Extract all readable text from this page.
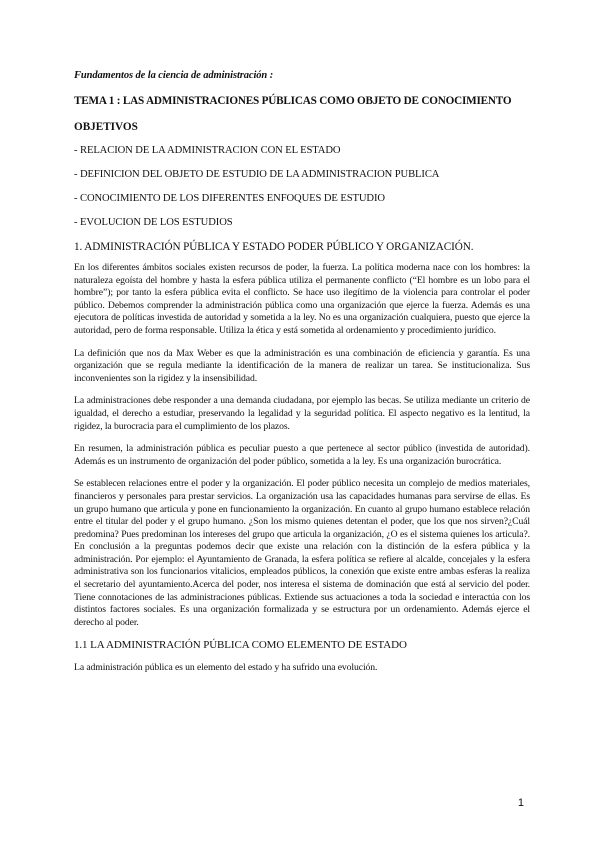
Fundamentos de la ciencia de administración :

TEMA 1 : LAS ADMINISTRACIONES PÚBLICAS COMO OBJETO DE CONOCIMIENTO

OBJETIVOS

- RELACION DE LA ADMINISTRACION CON EL ESTADO
- DEFINICION DEL OBJETO DE ESTUDIO DE LA ADMINISTRACION PUBLICA
- CONOCIMIENTO DE LOS DIFERENTES ENFOQUES DE ESTUDIO
- EVOLUCION DE LOS ESTUDIOS

1. ADMINISTRACIÓN PÚBLICA Y ESTADO PODER PÚBLICO Y ORGANIZACIÓN.

En los diferentes ámbitos sociales existen recursos de poder, la fuerza. La política moderna nace con los hombres: la naturaleza egoísta del hombre y hasta la esfera pública utiliza el permanente conflicto (“El hombre es un lobo para el hombre”); por tanto la esfera pública evita el conflicto. Se hace uso ilegítimo de la violencia para controlar el poder público. Debemos comprender la administración pública como una organización que ejerce la fuerza. Además es una ejecutora de políticas investida de autoridad y sometida a la ley. No es una organización cualquiera, puesto que ejerce la autoridad, pero de forma responsable. Utiliza la ética y está sometida al ordenamiento y procedimiento jurídico.

La definición que nos da Max Weber es que la administración es una combinación de eficiencia y garantía. Es una organización que se regula mediante la identificación de la manera de realizar un tarea. Se institucionaliza. Sus inconvenientes son la rigidez y la insensibilidad.

La administraciones debe responder a una demanda ciudadana, por ejemplo las becas. Se utiliza mediante un criterio de igualdad, el derecho a estudiar, preservando la legalidad y la seguridad política. El aspecto negativo es la lentitud, la rigidez, la burocracia para el cumplimiento de los plazos.

En resumen, la administración pública es peculiar puesto a que pertenece al sector público (investida de autoridad). Además es un instrumento de organización del poder público, sometida a la ley. Es una organización burocrática.

Se establecen relaciones entre el poder y la organización. El poder público necesita un complejo de medios materiales, financieros y personales para prestar servicios. La organización usa las capacidades humanas para servirse de ellas. Es un grupo humano que articula y pone en funcionamiento la organización. En cuanto al grupo humano establece relación entre el titular del poder y el grupo humano. ¿Son los mismo quienes detentan el poder, que los que nos sirven?¿Cuál predomina? Pues predominan los intereses del grupo que articula la organización, ¿O es el sistema quienes los articula?. En conclusión a la preguntas podemos decir que existe una relación con la distinción de la esfera pública y la administración. Por ejemplo: el Ayuntamiento de Granada, la esfera política se refiere al alcalde, concejales y la esfera administrativa son los funcionarios vitalicios, empleados públicos, la conexión que existe entre ambas esferas la realiza el secretario del ayuntamiento.Acerca del poder, nos interesa el sistema de dominación que está al servicio del poder. Tiene connotaciones de las administraciones públicas. Extiende sus actuaciones a toda la sociedad e interactúa con los distintos factores sociales. Es una organización formalizada y se estructura por un ordenamiento. Además ejerce el derecho al poder.

1.1 LA ADMINISTRACIÓN PÚBLICA COMO ELEMENTO DE ESTADO

La administración pública es un elemento del estado y ha sufrido una evolución.

1
